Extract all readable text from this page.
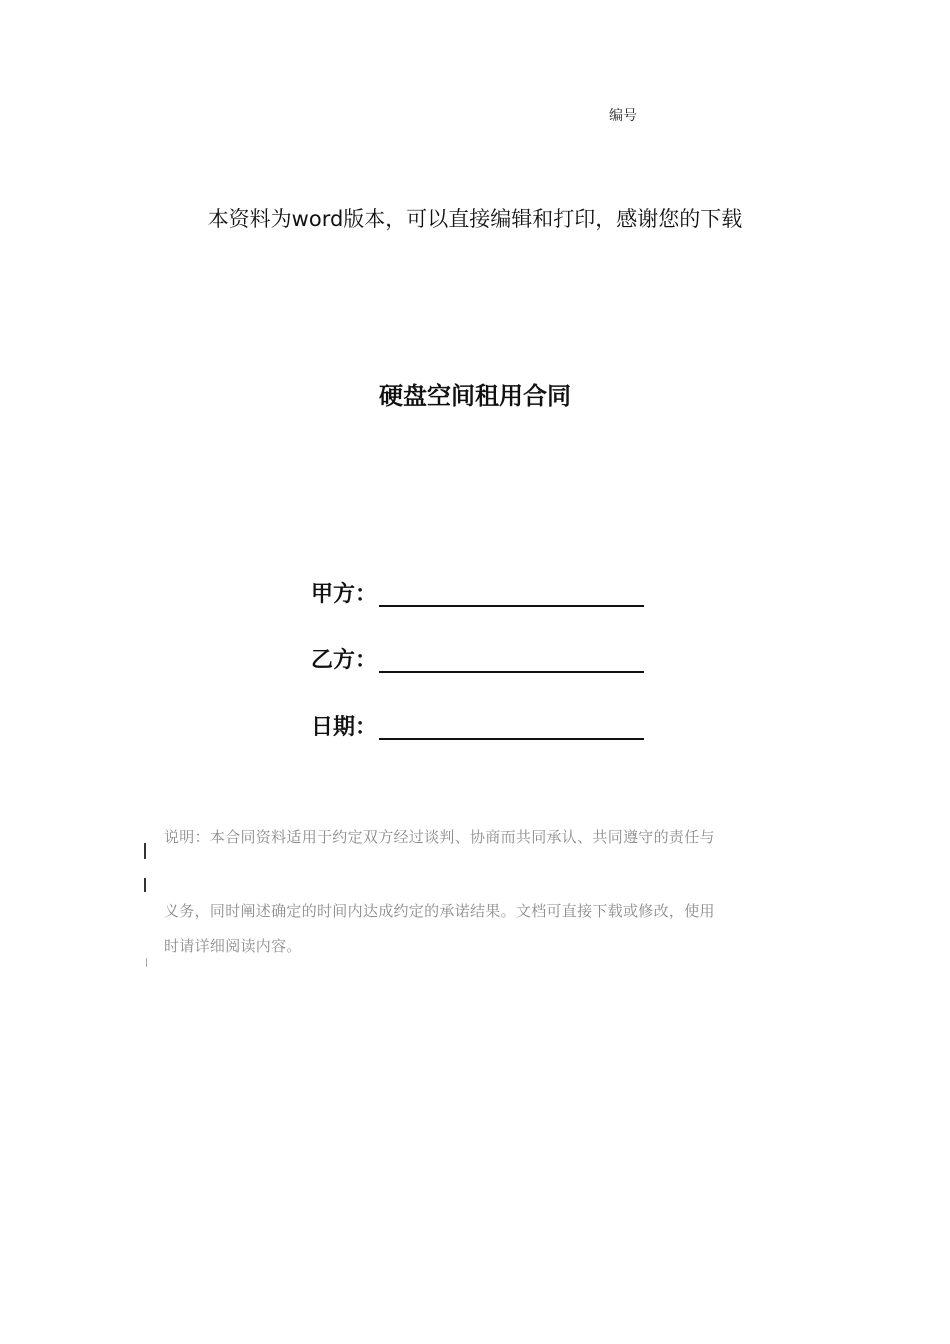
编号
本资料为word版本，可以直接编辑和打印，感谢您的下载
硬盘空间租用合同
甲方：
乙方：
日期：
说明：本合同资料适用于约定双方经过谈判、协商而共同承认、共同遵守的责任与
义务，同时阐述确定的时间内达成约定的承诺结果。文档可直接下载或修改，使用
时请详细阅读内容。
